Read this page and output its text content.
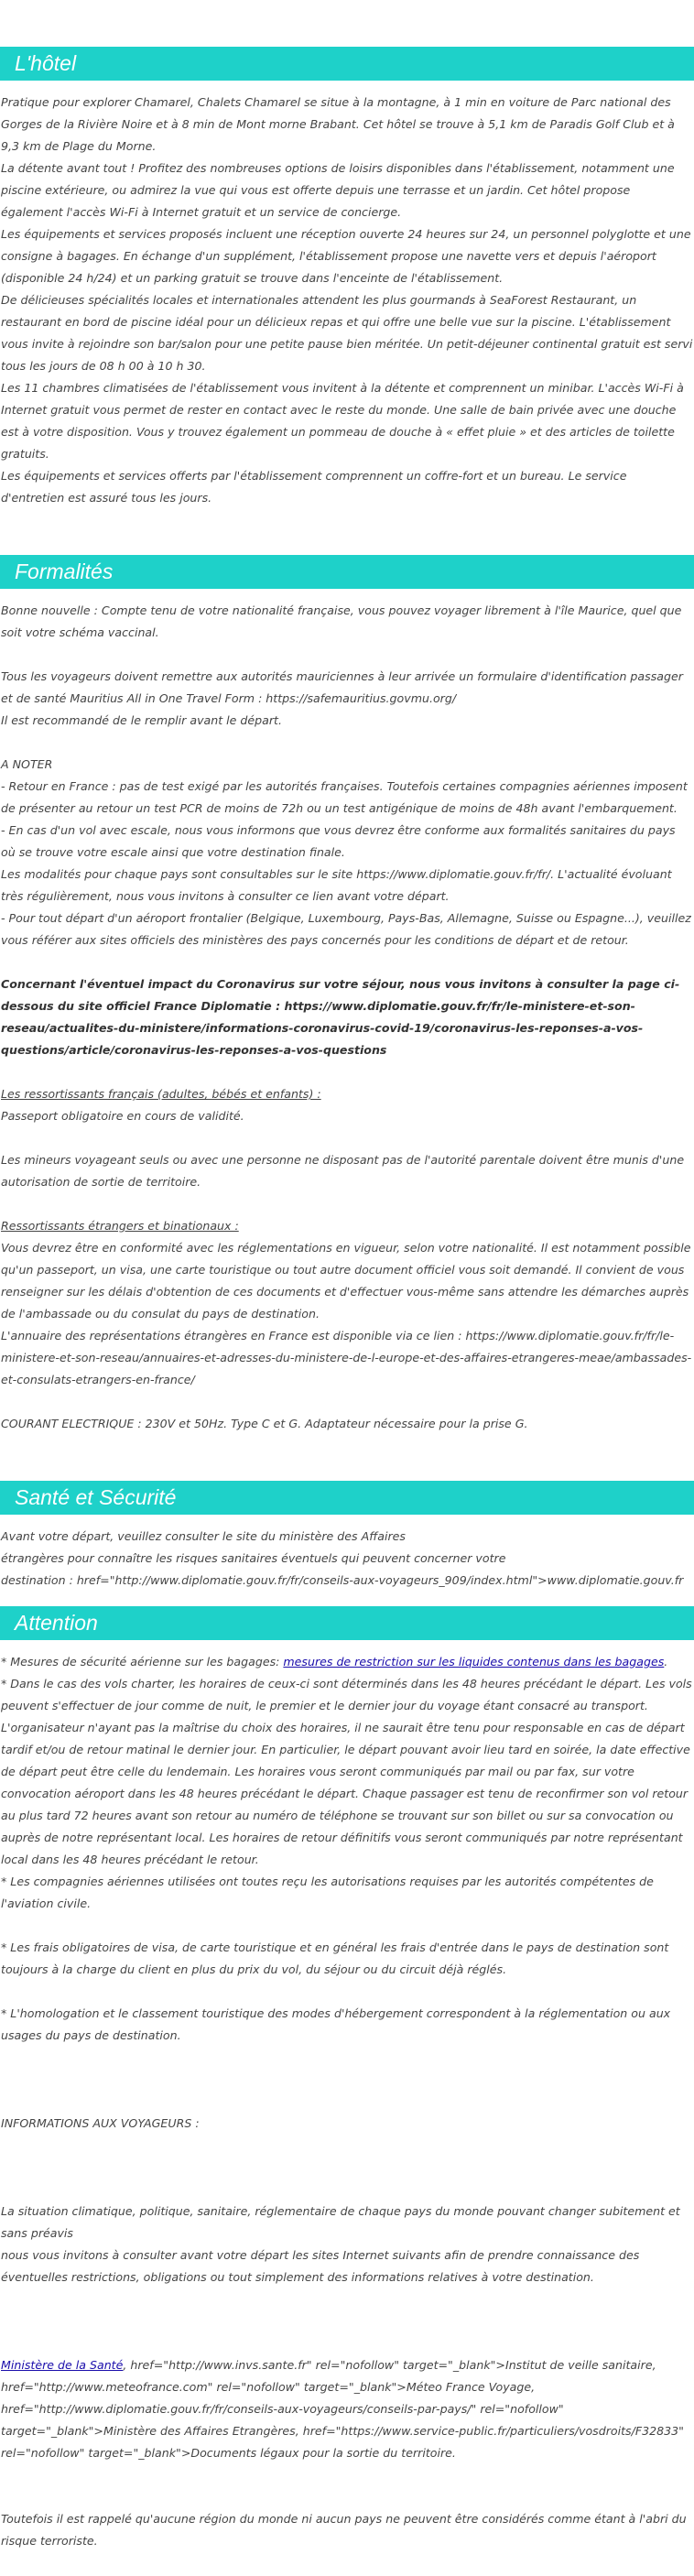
L'hôtel
Pratique pour explorer Chamarel, Chalets Chamarel se situe à la montagne, à 1 min en voiture de Parc national des Gorges de la Rivière Noire et à 8 min de Mont morne Brabant. Cet hôtel se trouve à 5,1 km de Paradis Golf Club et à 9,3 km de Plage du Morne.
La détente avant tout ! Profitez des nombreuses options de loisirs disponibles dans l'établissement, notamment une piscine extérieure, ou admirez la vue qui vous est offerte depuis une terrasse et un jardin. Cet hôtel propose également l'accès Wi-Fi à Internet gratuit et un service de concierge.
Les équipements et services proposés incluent une réception ouverte 24 heures sur 24, un personnel polyglotte et une consigne à bagages. En échange d'un supplément, l'établissement propose une navette vers et depuis l'aéroport (disponible 24 h/24) et un parking gratuit se trouve dans l'enceinte de l'établissement.
De délicieuses spécialités locales et internationales attendent les plus gourmands à SeaForest Restaurant, un restaurant en bord de piscine idéal pour un délicieux repas et qui offre une belle vue sur la piscine. L'établissement vous invite à rejoindre son bar/salon pour une petite pause bien méritée. Un petit-déjeuner continental gratuit est servi tous les jours de 08 h 00 à 10 h 30.
Les 11 chambres climatisées de l'établissement vous invitent à la détente et comprennent un minibar. L'accès Wi-Fi à Internet gratuit vous permet de rester en contact avec le reste du monde. Une salle de bain privée avec une douche est à votre disposition. Vous y trouvez également un pommeau de douche à « effet pluie » et des articles de toilette gratuits.
Les équipements et services offerts par l'établissement comprennent un coffre-fort et un bureau. Le service d'entretien est assuré tous les jours.
Formalités
Bonne nouvelle : Compte tenu de votre nationalité française, vous pouvez voyager librement à l'île Maurice, quel que soit votre schéma vaccinal.
Tous les voyageurs doivent remettre aux autorités mauriciennes à leur arrivée un formulaire d'identification passager et de santé Mauritius All in One Travel Form : https://safemauritius.govmu.org/
Il est recommandé de le remplir avant le départ.
A NOTER
- Retour en France : pas de test exigé par les autorités françaises. Toutefois certaines compagnies aériennes imposent de présenter au retour un test PCR de moins de 72h ou un test antigénique de moins de 48h avant l'embarquement.
- En cas d'un vol avec escale, nous vous informons que vous devrez être conforme aux formalités sanitaires du pays où se trouve votre escale ainsi que votre destination finale.
Les modalités pour chaque pays sont consultables sur le site https://www.diplomatie.gouv.fr/fr/. L'actualité évoluant très régulièrement, nous vous invitons à consulter ce lien avant votre départ.
- Pour tout départ d'un aéroport frontalier (Belgique, Luxembourg, Pays-Bas, Allemagne, Suisse ou Espagne...), veuillez vous référer aux sites officiels des ministères des pays concernés pour les conditions de départ et de retour.
Concernant l'éventuel impact du Coronavirus sur votre séjour, nous vous invitons à consulter la page ci-dessous du site officiel France Diplomatie : https://www.diplomatie.gouv.fr/fr/le-ministere-et-son-reseau/actualites-du-ministere/informations-coronavirus-covid-19/coronavirus-les-reponses-a-vos-questions/article/coronavirus-les-reponses-a-vos-questions
Les ressortissants français (adultes, bébés et enfants) :
Passeport obligatoire en cours de validité.
Les mineurs voyageant seuls ou avec une personne ne disposant pas de l'autorité parentale doivent être munis d'une autorisation de sortie de territoire.
Ressortissants étrangers et binationaux :
Vous devrez être en conformité avec les réglementations en vigueur, selon votre nationalité. Il est notamment possible qu'un passeport, un visa, une carte touristique ou tout autre document officiel vous soit demandé. Il convient de vous renseigner sur les délais d'obtention de ces documents et d'effectuer vous-même sans attendre les démarches auprès de l'ambassade ou du consulat du pays de destination.
L'annuaire des représentations étrangères en France est disponible via ce lien : https://www.diplomatie.gouv.fr/fr/le-ministere-et-son-reseau/annuaires-et-adresses-du-ministere-de-l-europe-et-des-affaires-etrangeres-meae/ambassades-et-consulats-etrangers-en-france/
COURANT ELECTRIQUE : 230V et 50Hz. Type C et G. Adaptateur nécessaire pour la prise G.
Santé et Sécurité
Avant votre départ, veuillez consulter le site du ministère des Affaires
étrangères pour connaître les risques sanitaires éventuels qui peuvent concerner votre
destination : href="http://www.diplomatie.gouv.fr/fr/conseils-aux-voyageurs_909/index.html">www.diplomatie.gouv.fr
Attention
* Mesures de sécurité aérienne sur les bagages: mesures de restriction sur les liquides contenus dans les bagages.
* Dans le cas des vols charter, les horaires de ceux-ci sont déterminés dans les 48 heures précédant le départ. Les vols peuvent s'effectuer de jour comme de nuit, le premier et le dernier jour du voyage étant consacré au transport. L'organisateur n'ayant pas la maîtrise du choix des horaires, il ne saurait être tenu pour responsable en cas de départ tardif et/ou de retour matinal le dernier jour. En particulier, le départ pouvant avoir lieu tard en soirée, la date effective de départ peut être celle du lendemain. Les horaires vous seront communiqués par mail ou par fax, sur votre convocation aéroport dans les 48 heures précédant le départ. Chaque passager est tenu de reconfirmer son vol retour au plus tard 72 heures avant son retour au numéro de téléphone se trouvant sur son billet ou sur sa convocation ou auprès de notre représentant local. Les horaires de retour définitifs vous seront communiqués par notre représentant local dans les 48 heures précédant le retour.
* Les compagnies aériennes utilisées ont toutes reçu les autorisations requises par les autorités compétentes de l'aviation civile.
* Les frais obligatoires de visa, de carte touristique et en général les frais d'entrée dans le pays de destination sont toujours à la charge du client en plus du prix du vol, du séjour ou du circuit déjà réglés.
* L'homologation et le classement touristique des modes d'hébergement correspondent à la réglementation ou aux usages du pays de destination.
INFORMATIONS AUX VOYAGEURS :
La situation climatique, politique, sanitaire, réglementaire de chaque pays du monde pouvant changer subitement et sans préavis
nous vous invitons à consulter avant votre départ les sites Internet suivants afin de prendre connaissance des éventuelles restrictions, obligations ou tout simplement des informations relatives à votre destination.
Ministère de la Santé, href="http://www.invs.sante.fr" rel="nofollow" target="_blank">Institut de veille sanitaire, href="http://www.meteofrance.com" rel="nofollow" target="_blank">Méteo France Voyage, href="http://www.diplomatie.gouv.fr/fr/conseils-aux-voyageurs/conseils-par-pays/" rel="nofollow" target="_blank">Ministère des Affaires Etrangères, href="https://www.service-public.fr/particuliers/vosdroits/F32833" rel="nofollow" target="_blank">Documents légaux pour la sortie du territoire.
Toutefois il est rappelé qu'aucune région du monde ni aucun pays ne peuvent être considérés comme étant à l'abri du risque terroriste.
